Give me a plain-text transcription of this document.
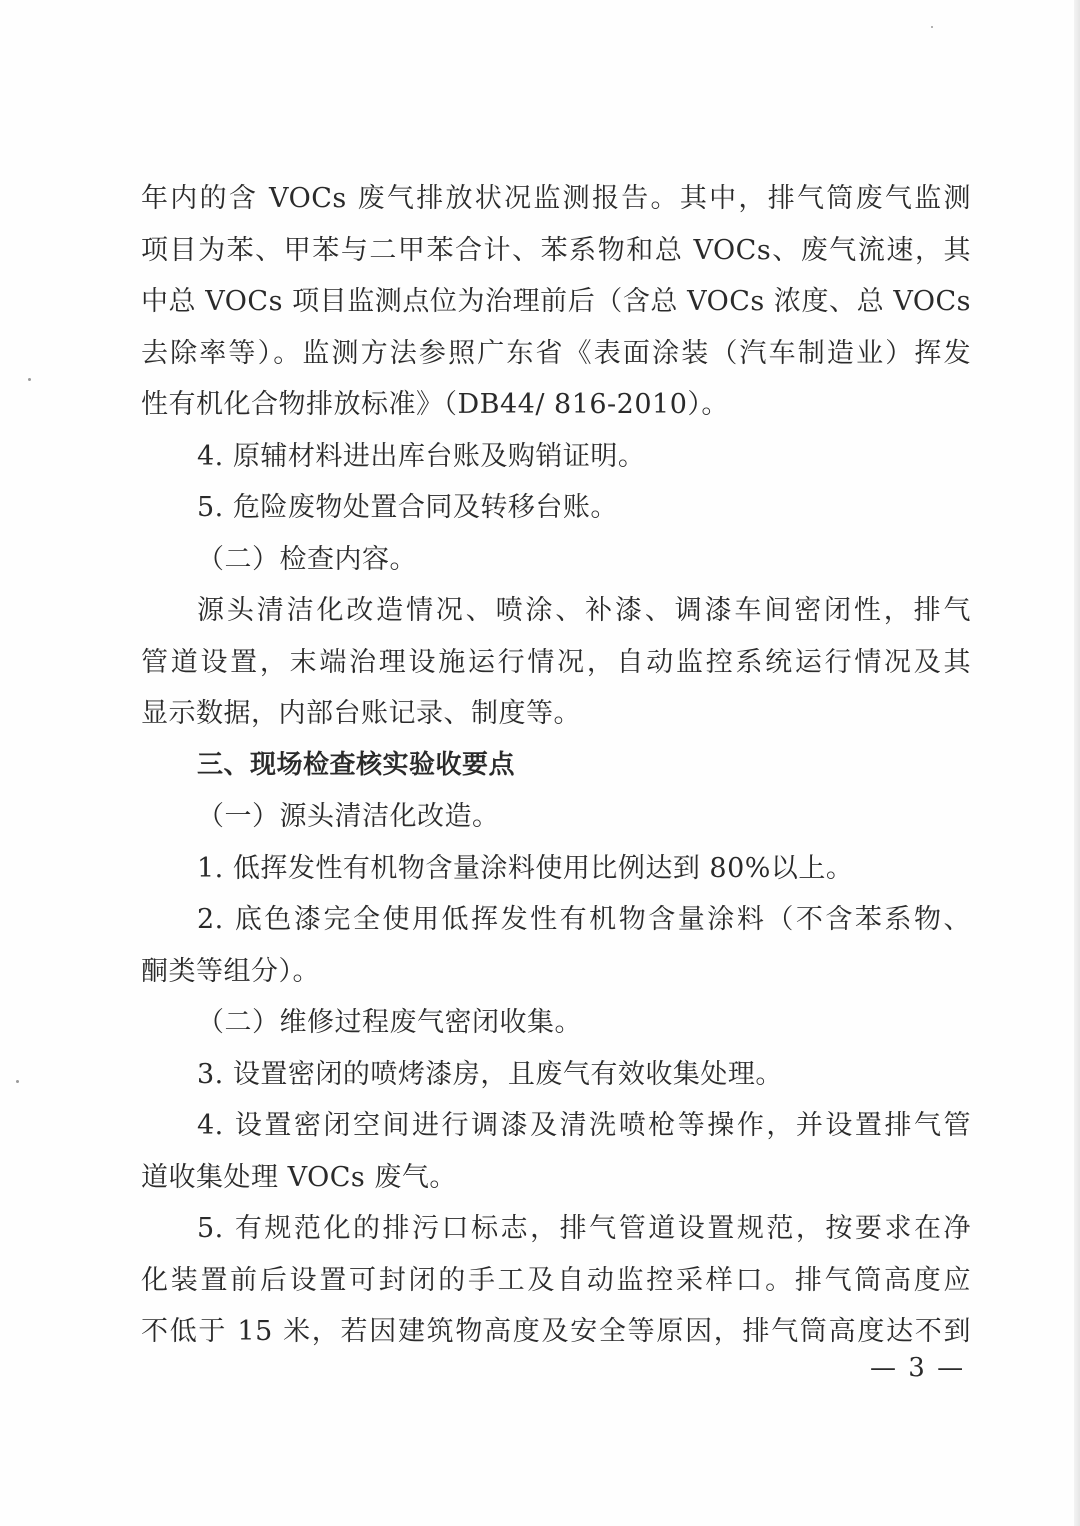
年内的含 VOCs 废气排放状况监测报告。其中，排气筒废气监测
项目为苯、甲苯与二甲苯合计、苯系物和总 VOCs、废气流速，其
中总 VOCs 项目监测点位为治理前后（含总 VOCs 浓度、总 VOCs
去除率等）。监测方法参照广东省《表面涂装（汽车制造业）挥发
性有机化合物排放标准》（DB44/ 816-2010）。
4. 原辅材料进出库台账及购销证明。
5. 危险废物处置合同及转移台账。
（二）检查内容。
源头清洁化改造情况、喷涂、补漆、调漆车间密闭性，排气
管道设置，末端治理设施运行情况，自动监控系统运行情况及其
显示数据，内部台账记录、制度等。
三、现场检查核实验收要点
（一）源头清洁化改造。
1. 低挥发性有机物含量涂料使用比例达到 80%以上。
2. 底色漆完全使用低挥发性有机物含量涂料（不含苯系物、
酮类等组分）。
（二）维修过程废气密闭收集。
3. 设置密闭的喷烤漆房，且废气有效收集处理。
4. 设置密闭空间进行调漆及清洗喷枪等操作，并设置排气管
道收集处理 VOCs 废气。
5. 有规范化的排污口标志，排气管道设置规范，按要求在净
化装置前后设置可封闭的手工及自动监控采样口。排气筒高度应
不低于 15 米，若因建筑物高度及安全等原因，排气筒高度达不到
— 3 —
